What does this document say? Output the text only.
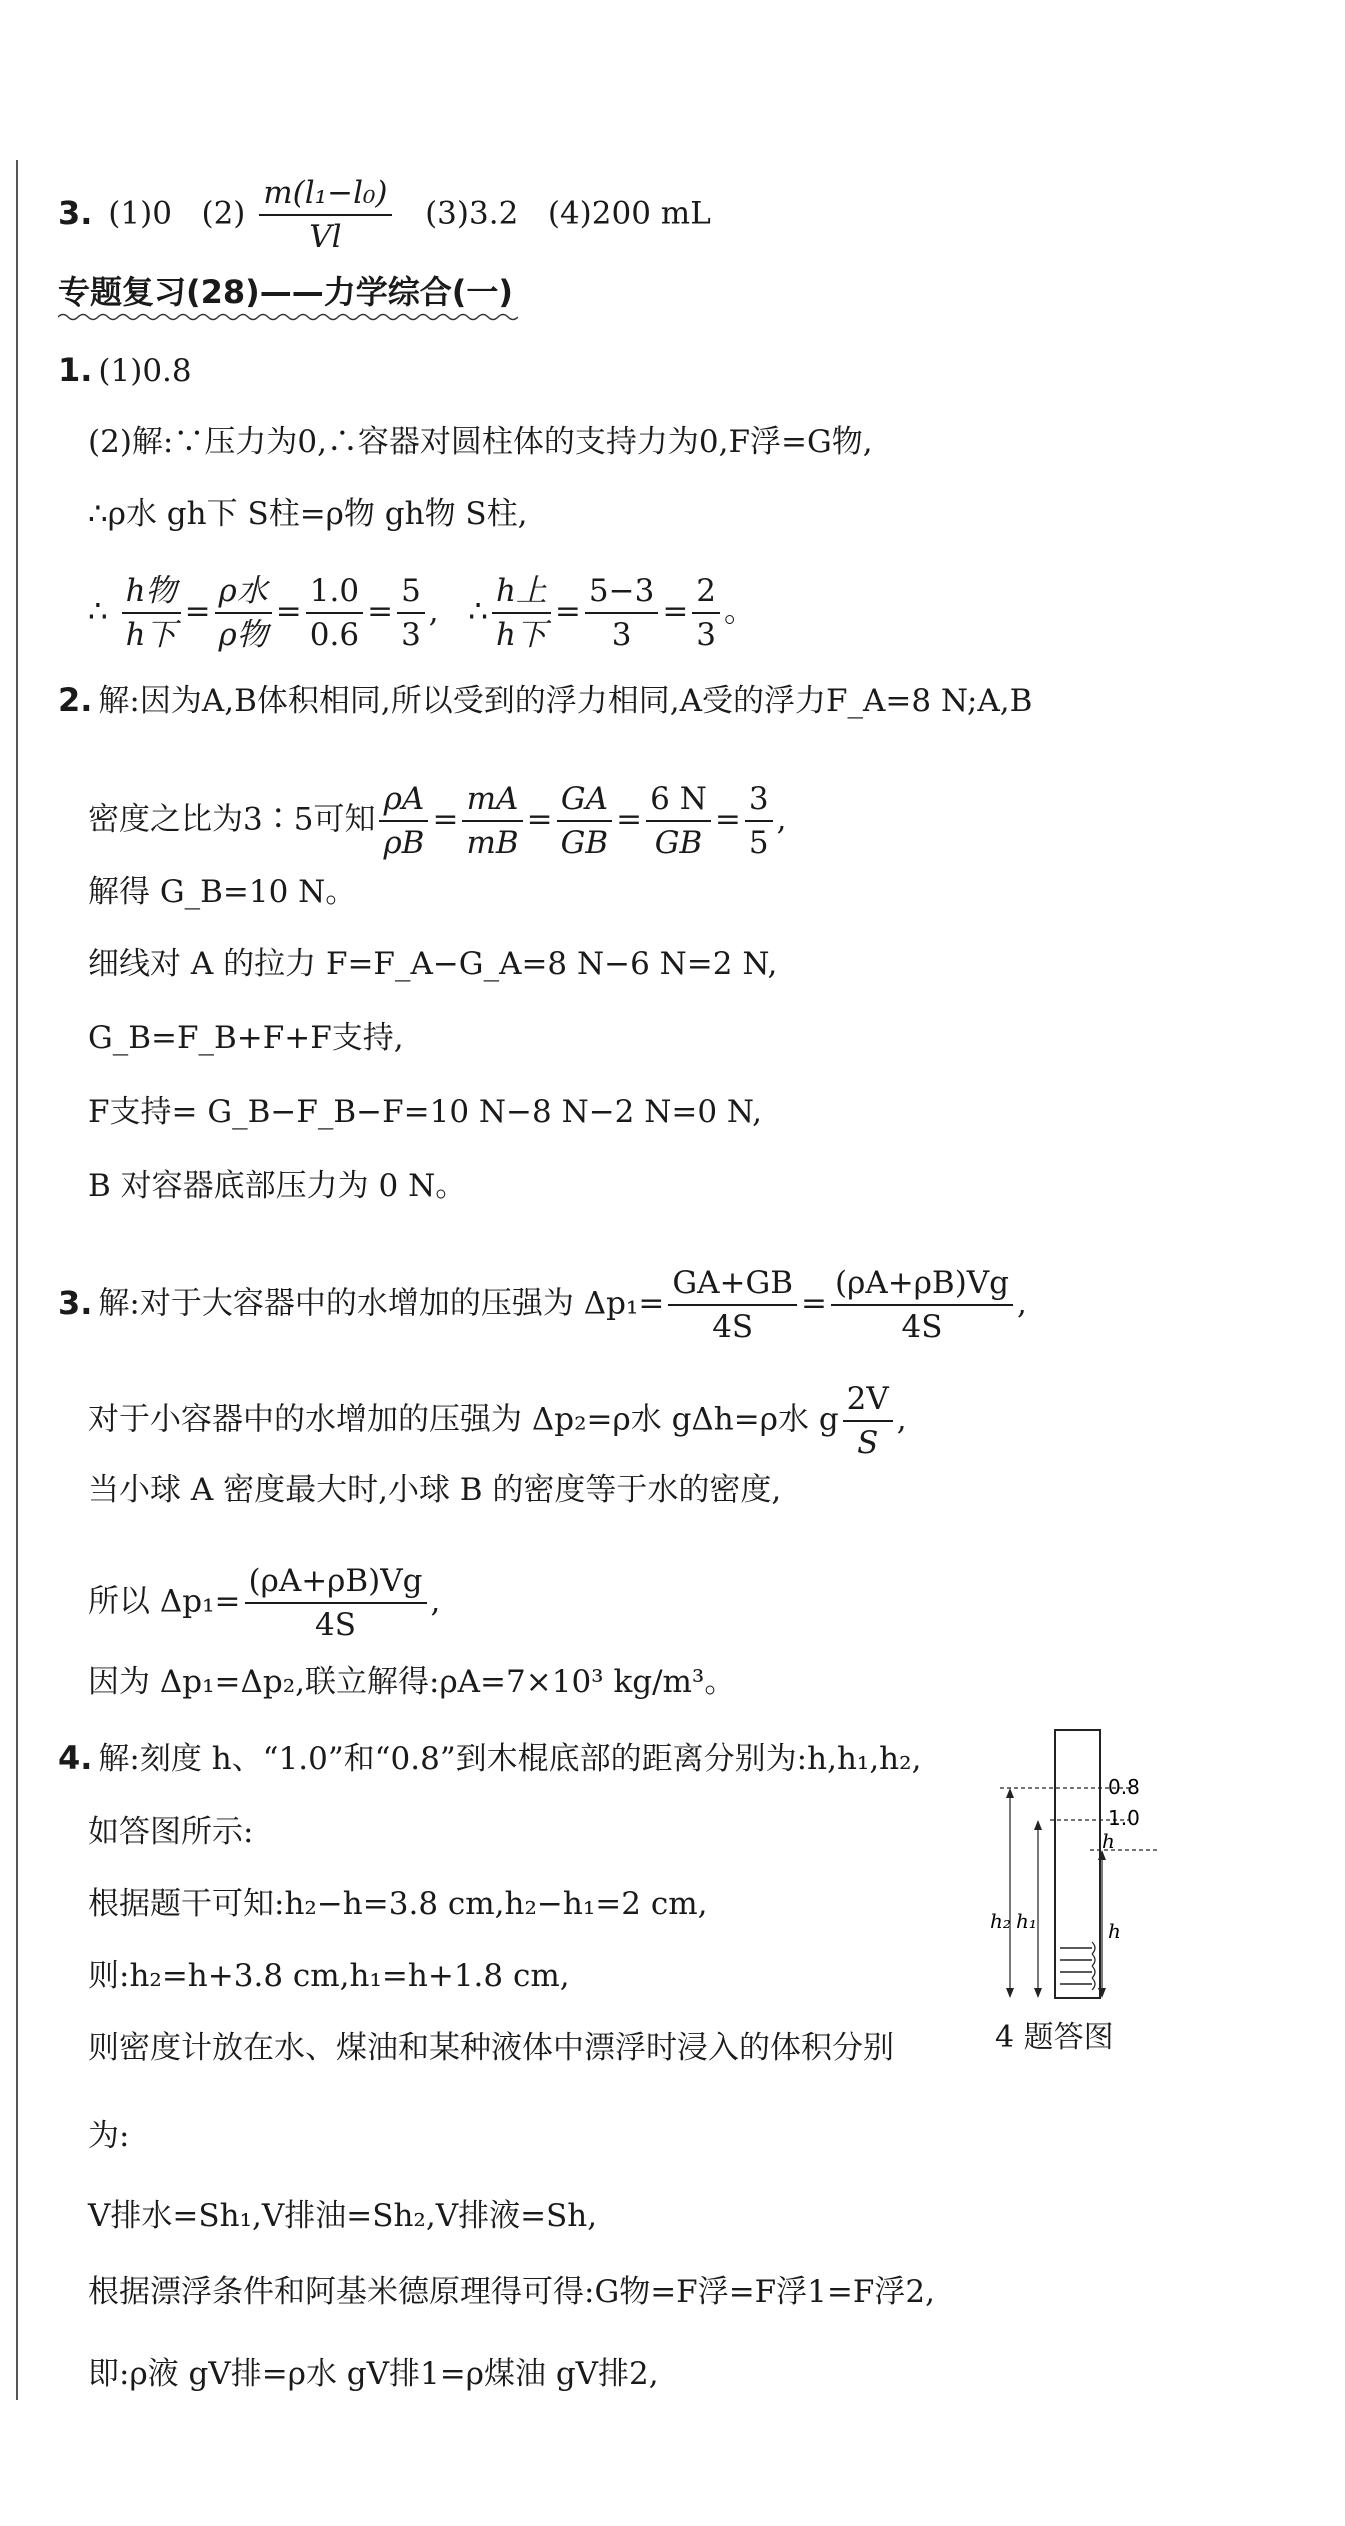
3. (1)0 $(2) \frac{\text{m(l₁−l₀)}}{Vl} (3)3.2$ (4)200 mL
专题复习(28)——力学综合(一)
1. (1)0.8
(2)解:∵压力为0,∴容器对圆柱体的支持力为0,F浮=G物,
∴ρ水 gh下 S柱=ρ物 gh物 S柱,
∴ $\frac{\text{h物}}{\text{h下}} = \frac{\text{ρ水}}{\text{ρ物}} = \frac{1.0}{0.6} = \frac{5}{3}$ ,   ∴ $\frac{\text{h上}}{\text{h下}} = \frac{5-3}{3} = \frac{2}{3}$ 。
2. 解:因为A,B体积相同,所以受到的浮力相同,A受的浮力F_A=8 N;A,B
密度之比为3∶5可知 $\frac{\rho A}{\rho B} = \frac{mA}{mB} = \frac{GA}{GB} = \frac{6 N}{GB} = \frac{3}{5}$ ,
解得 G_B=10 N。
细线对 A 的拉力 F=F_A−G_A=8 N−6 N=2 N,
G_B=F_B+F+F支持,
F支持= G_B−F_B−F=10 N−8 N−2 N=0 N,
B 对容器底部压力为 0 N。
3. 解:对于大容器中的水增加的压强为 $\Delta p_1= \frac{GA+GB}{4S} = \frac{(\rho A+\rho B)Vg}{4S}$ ,
对于小容器中的水增加的压强为 Δp₂=ρ水 gΔh=ρ水 g $\frac{2V}{S}$ ,
当小球 A 密度最大时,小球 B 的密度等于水的密度,
所以 $\Delta p_1= \frac{(\rho A+\rho B)Vg}{4S}$ ,
因为 Δp₁=Δp₂,联立解得:ρA=7×10³ kg/m³。
4. 解:刻度 h、“1.0”和“0.8”到木棍底部的距离分别为:h,h₁,h₂,
如答图所示:
根据题干可知:h₂−h=3.8 cm,h₂−h₁=2 cm,
则:h₂=h+3.8 cm,h₁=h+1.8 cm,
则密度计放在水、煤油和某种液体中漂浮时浸入的体积分别
为:
V排水=Sh₁,V排油=Sh₂,V排液=Sh,
根据漂浮条件和阿基米德原理得可得:G物=F浮=F浮1=F浮2,
即:ρ液 gV排=ρ水 gV排1=ρ煤油 gV排2,
0.8
1.0
h
h₂ h₁	h
4 题答图
